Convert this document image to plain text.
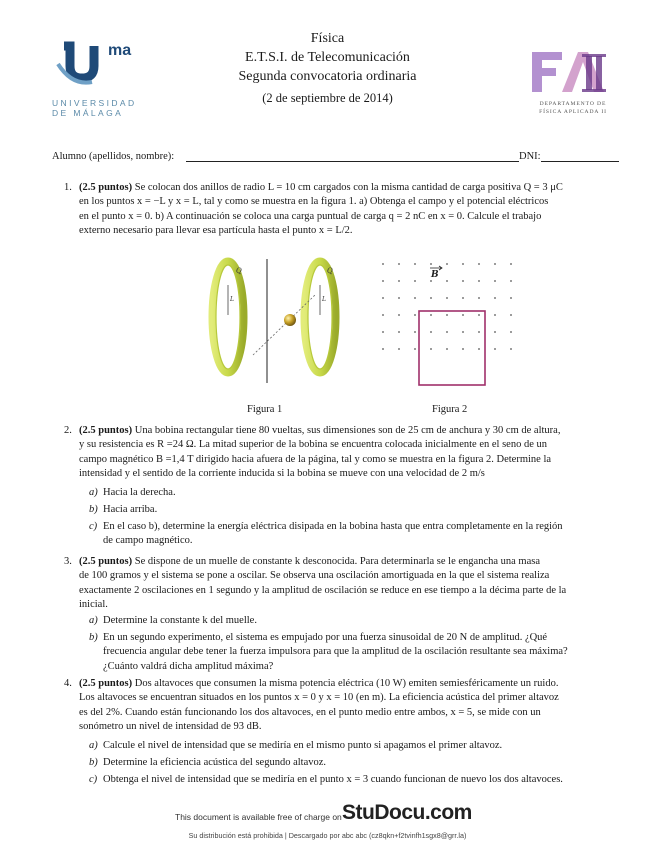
ma
UNIVERSIDAD
DE MÁLAGA
Física
E.T.S.I. de Telecomunicación
Segunda convocatoria ordinaria
(2 de septiembre de 2014)	DEPARTAMENTO DE
FÍSICA APLICADA II
Alumno (apellidos, nombre):	DNI:
1. (2.5 puntos) Se colocan dos anillos de radio L = 10 cm cargados con la misma cantidad de carga positiva Q = 3 μC
en los puntos x = −L y x = L, tal y como se muestra en la figura 1. a) Obtenga el campo y el potencial eléctricos
en el punto x = 0. b) A continuación se coloca una carga puntual de carga q = 2 nC en x = 0. Calcule el trabajo
externo necesario para llevar esa partícula hasta el punto x = L/2.
Q	Q
L	L
Figura 1
B
Figura 2
2. (2.5 puntos) Una bobina rectangular tiene 80 vueltas, sus dimensiones son de 25 cm de anchura y 30 cm de altura,
y su resistencia es R =24 Ω. La mitad superior de la bobina se encuentra colocada inicialmente en el seno de un
campo magnético B =1,4 T dirigido hacia afuera de la página, tal y como se muestra en la figura 2. Determine la
intensidad y el sentido de la corriente inducida si la bobina se mueve con una velocidad de 2 m/s
a) Hacia la derecha.
b) Hacia arriba.
c) En el caso b), determine la energía eléctrica disipada en la bobina hasta que entra completamente en la región
de campo magnético.
3. (2.5 puntos) Se dispone de un muelle de constante k desconocida. Para determinarla se le engancha una masa
de 100 gramos y el sistema se pone a oscilar. Se observa una oscilación amortiguada en la que el sistema realiza
exactamente 2 oscilaciones en 1 segundo y la amplitud de oscilación se reduce en ese tiempo a la décima parte de la
inicial.
a) Determine la constante k del muelle.
b) En un segundo experimento, el sistema es empujado por una fuerza sinusoidal de 20 N de amplitud. ¿Qué
frecuencia angular debe tener la fuerza impulsora para que la amplitud de la oscilación resultante sea máxima?
¿Cuánto valdrá dicha amplitud máxima?
4. (2.5 puntos) Dos altavoces que consumen la misma potencia eléctrica (10 W) emiten semiesféricamente un ruido.
Los altavoces se encuentran situados en los puntos x = 0 y x = 10 (en m). La eficiencia acústica del primer altavoz
es del 2%. Cuando están funcionando los dos altavoces, en el punto medio entre ambos, x = 5, se mide con un
sonómetro un nivel de intensidad de 93 dB.
a) Calcule el nivel de intensidad que se mediría en el mismo punto si apagamos el primer altavoz.
b) Determine la eficiencia acústica del segundo altavoz.
c) Obtenga el nivel de intensidad que se mediría en el punto x = 3 cuando funcionan de nuevo los dos altavoces.
This document is available free of charge on StuDocu.com
Su distribución está prohibida | Descargado por abc abc (cz8qkn+f2tvinfh1sgx8@grr.la)
